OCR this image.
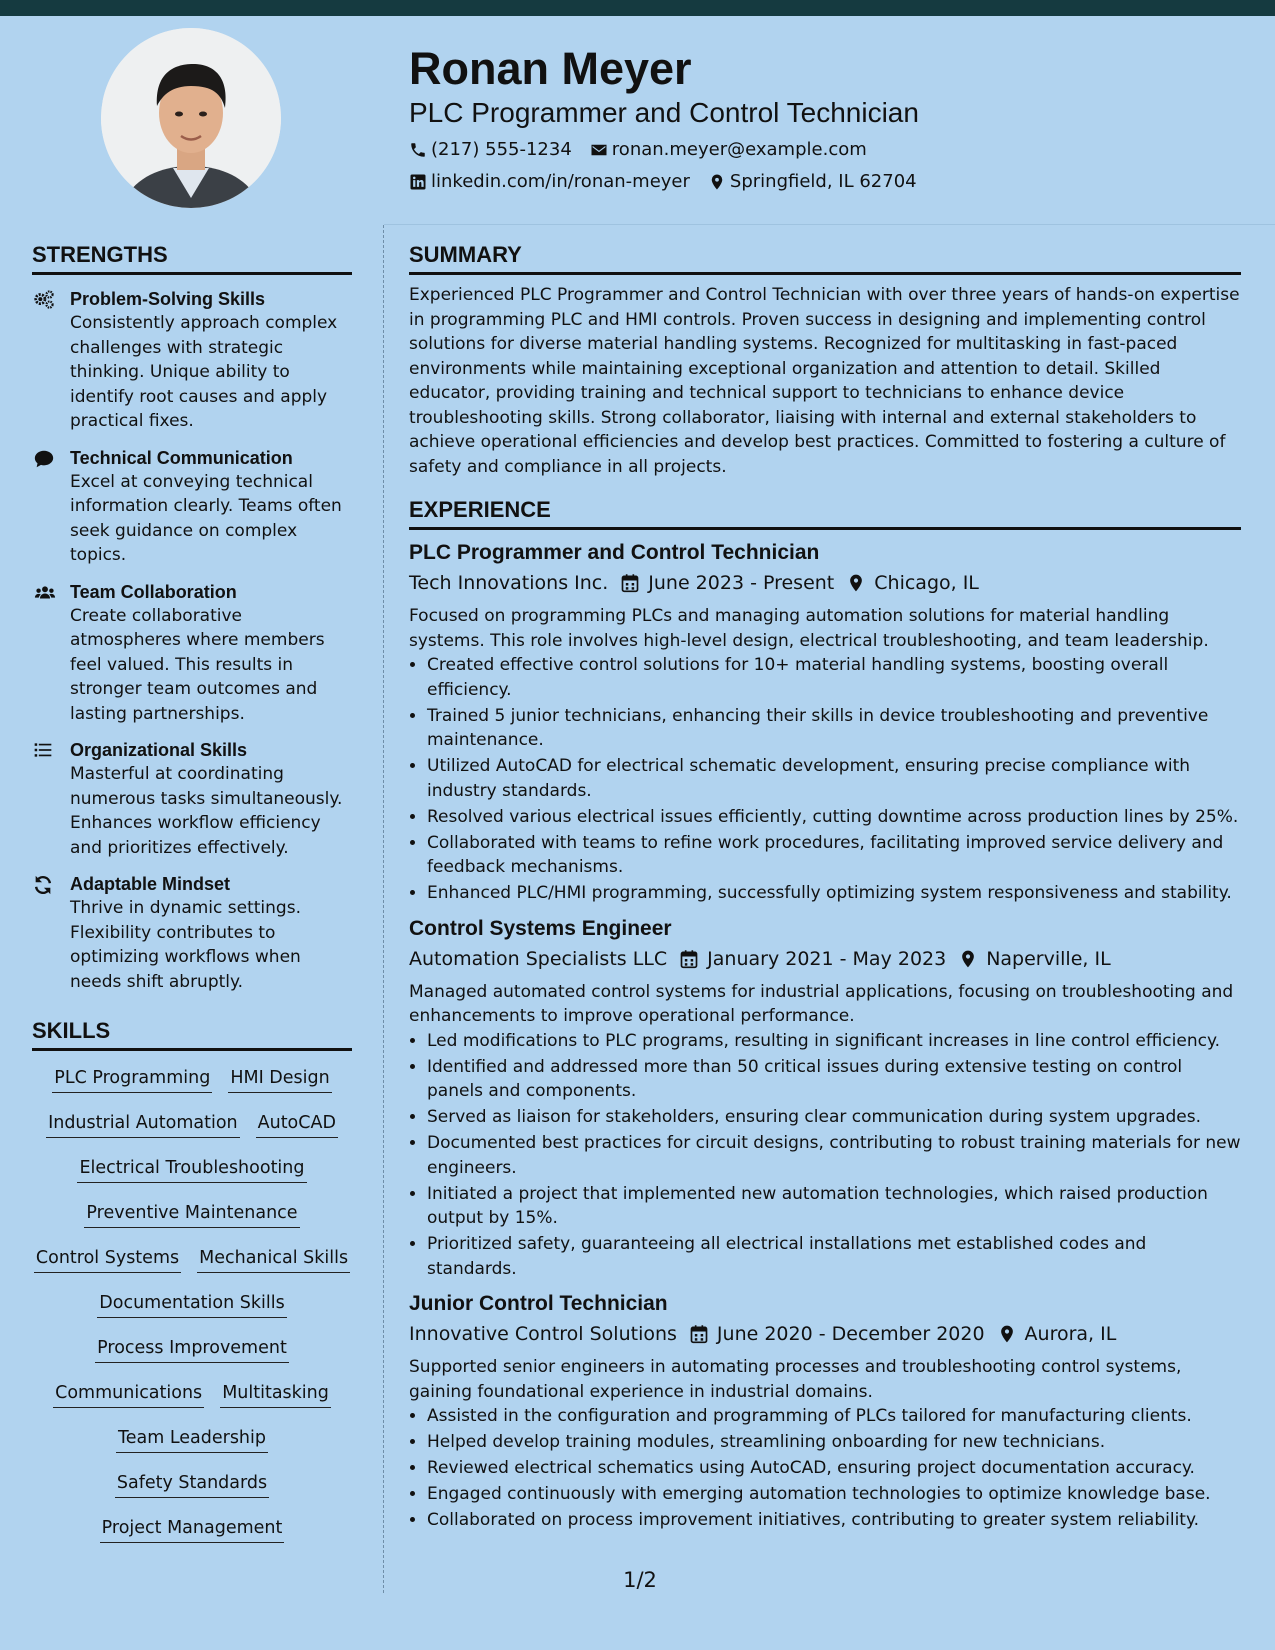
Ronan Meyer
PLC Programmer and Control Technician
(217) 555-1234 ronan.meyer@example.com
linkedin.com/in/ronan-meyer Springfield, IL 62704
STRENGTHS
Problem-Solving Skills
Consistently approach complex challenges with strategic thinking. Unique ability to identify root causes and apply practical fixes.
Technical Communication
Excel at conveying technical information clearly. Teams often seek guidance on complex topics.
Team Collaboration
Create collaborative atmospheres where members feel valued. This results in stronger team outcomes and lasting partnerships.
Organizational Skills
Masterful at coordinating numerous tasks simultaneously. Enhances workflow efficiency and prioritizes effectively.
Adaptable Mindset
Thrive in dynamic settings. Flexibility contributes to optimizing workflows when needs shift abruptly.
SKILLS
PLC Programming HMI Design
Industrial Automation AutoCAD
Electrical Troubleshooting
Preventive Maintenance
Control Systems Mechanical Skills
Documentation Skills
Process Improvement
Communications Multitasking
Team Leadership
Safety Standards
Project Management
SUMMARY

Experienced PLC Programmer and Control Technician with over three years of hands-on expertise in programming PLC and HMI controls. Proven success in designing and implementing control solutions for diverse material handling systems. Recognized for multitasking in fast-paced environments while maintaining exceptional organization and attention to detail. Skilled educator, providing training and technical support to technicians to enhance device troubleshooting skills. Strong collaborator, liaising with internal and external stakeholders to achieve operational efficiencies and develop best practices. Committed to fostering a culture of safety and compliance in all projects.

EXPERIENCE
PLC Programmer and Control Technician
Tech Innovations Inc. June 2023 - Present Chicago, IL
Focused on programming PLCs and managing automation solutions for material handling systems. This role involves high-level design, electrical troubleshooting, and team leadership.
• Created effective control solutions for 10+ material handling systems, boosting overall efficiency.
• Trained 5 junior technicians, enhancing their skills in device troubleshooting and preventive maintenance.
• Utilized AutoCAD for electrical schematic development, ensuring precise compliance with industry standards.
• Resolved various electrical issues efficiently, cutting downtime across production lines by 25%.
• Collaborated with teams to refine work procedures, facilitating improved service delivery and feedback mechanisms.
• Enhanced PLC/HMI programming, successfully optimizing system responsiveness and stability.
Control Systems Engineer
Automation Specialists LLC January 2021 - May 2023 Naperville, IL
Managed automated control systems for industrial applications, focusing on troubleshooting and enhancements to improve operational performance.
• Led modifications to PLC programs, resulting in significant increases in line control efficiency.
• Identified and addressed more than 50 critical issues during extensive testing on control panels and components.
• Served as liaison for stakeholders, ensuring clear communication during system upgrades.
• Documented best practices for circuit designs, contributing to robust training materials for new engineers.
• Initiated a project that implemented new automation technologies, which raised production output by 15%.
• Prioritized safety, guaranteeing all electrical installations met established codes and standards.
Junior Control Technician
Innovative Control Solutions June 2020 - December 2020 Aurora, IL
Supported senior engineers in automating processes and troubleshooting control systems, gaining foundational experience in industrial domains.
• Assisted in the configuration and programming of PLCs tailored for manufacturing clients.
• Helped develop training modules, streamlining onboarding for new technicians.
• Reviewed electrical schematics using AutoCAD, ensuring project documentation accuracy.
• Engaged continuously with emerging automation technologies to optimize knowledge base.
• Collaborated on process improvement initiatives, contributing to greater system reliability.
1/2
